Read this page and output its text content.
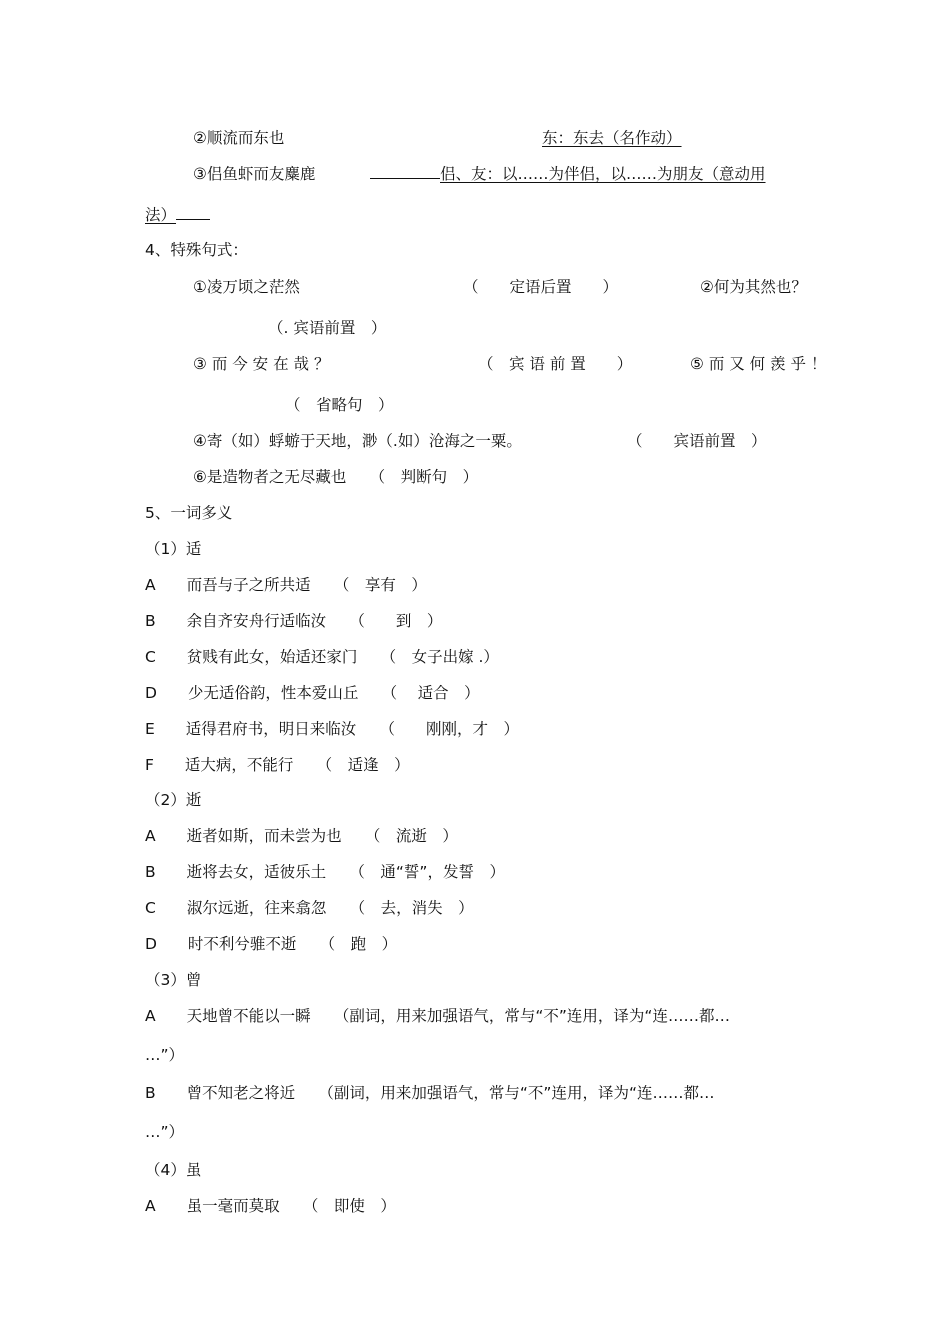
②顺流而东也	东：东去（名作动）
③侣鱼虾而友麋鹿	侣、友：以……为伴侣，以……为朋友（意动用
法）
4、特殊句式：
①凌万顷之茫然	（　　定语后置　　）	②何为其然也？
（. 宾语前置　）
③ 而 今 安 在 哉 ？	（　宾 语 前 置　　）	⑤ 而 又 何 羡 乎 ！
（　省略句　）
④寄（如）蜉蝣于天地，渺（.如）沧海之一粟。	（　　宾语前置　）
⑥是造物者之无尽藏也　　（　判断句　）
5、一词多义
（1）适
A　　而吾与子之所共适　　（　享有　）
B　　余自齐安舟行适临汝　　（　　到　）
C　　贫贱有此女，始适还家门　　（　女子出嫁 .）
D　　少无适俗韵，性本爱山丘　　（　 适合　）
E　　适得君府书，明日来临汝　　（　　刚刚，才　）
F　　适大病，不能行　　（　适逢　）
（2）逝
A　　逝者如斯，而未尝为也　　（　流逝　）
B　　逝将去女，适彼乐土　　（　通“誓”，发誓　）
C　　淑尔远逝，往来翕忽　　（　去，消失　）
D　　时不利兮骓不逝　　（　跑　）
（3）曾
A　　天地曾不能以一瞬　　（副词，用来加强语气，常与“不”连用，译为“连……都…
…”）
B　　曾不知老之将近　　（副词，用来加强语气，常与“不”连用，译为“连……都…
…”）
（4）虽
A　　虽一毫而莫取　　（　即使　）
